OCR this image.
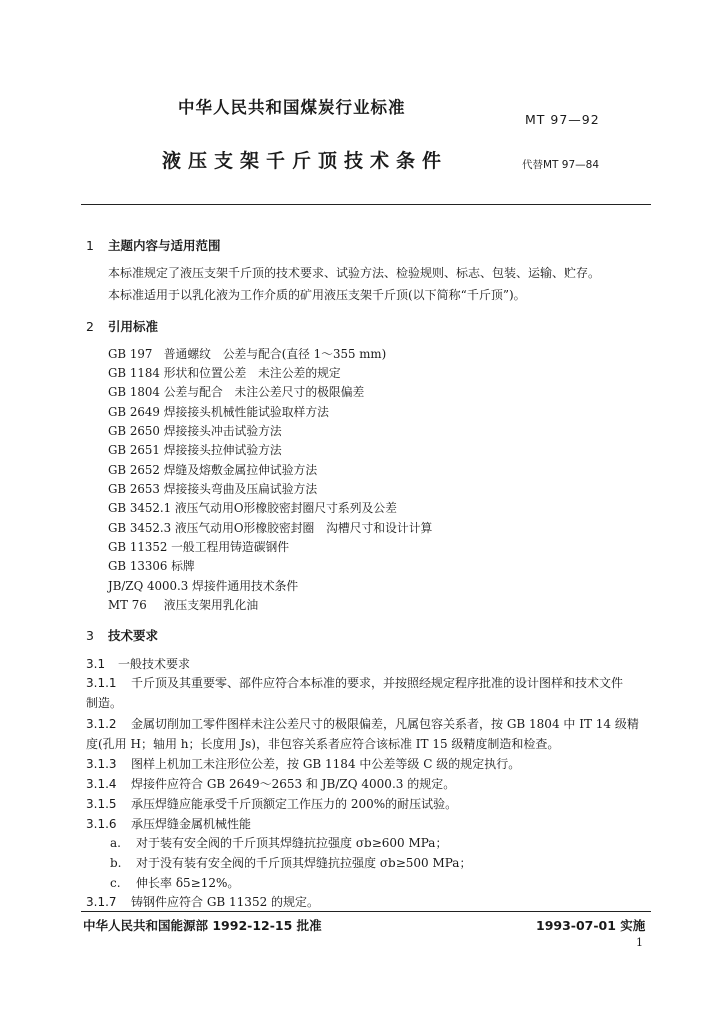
中华人民共和国煤炭行业标准
MT 97—92
液压支架千斤顶技术条件	代替MT 97—84
1 主题内容与适用范围
本标准规定了液压支架千斤顶的技术要求、试验方法、检验规则、标志、包装、运输、贮存。
本标准适用于以乳化液为工作介质的矿用液压支架千斤顶(以下简称“千斤顶”)。
2 引用标准
GB 197 普通螺纹　公差与配合(直径 1～355 mm)
GB 1184 形状和位置公差　未注公差的规定
GB 1804 公差与配合　未注公差尺寸的极限偏差
GB 2649 焊接接头机械性能试验取样方法
GB 2650 焊接接头冲击试验方法
GB 2651 焊接接头拉伸试验方法
GB 2652 焊缝及熔敷金属拉伸试验方法
GB 2653 焊接接头弯曲及压扁试验方法
GB 3452.1 液压气动用O形橡胶密封圈尺寸系列及公差
GB 3452.3 液压气动用O形橡胶密封圈　沟槽尺寸和设计计算
GB 11352 一般工程用铸造碳钢件
GB 13306 标牌
JB/ZQ 4000.3 焊接件通用技术条件
MT 76 液压支架用乳化油
3 技术要求
3.1 一般技术要求
3.1.1 千斤顶及其重要零、部件应符合本标准的要求，并按照经规定程序批准的设计图样和技术文件
制造。
3.1.2 金属切削加工零件图样未注公差尺寸的极限偏差，凡属包容关系者，按 GB 1804 中 IT 14 级精
度(孔用 H；轴用 h；长度用 Js)，非包容关系者应符合该标准 IT 15 级精度制造和检查。
3.1.3 图样上机加工未注形位公差，按 GB 1184 中公差等级 C 级的规定执行。
3.1.4 焊接件应符合 GB 2649～2653 和 JB/ZQ 4000.3 的规定。
3.1.5 承压焊缝应能承受千斤顶额定工作压力的 200%的耐压试验。
3.1.6 承压焊缝金属机械性能
a. 对于装有安全阀的千斤顶其焊缝抗拉强度 σb≥600 MPa；
b. 对于没有装有安全阀的千斤顶其焊缝抗拉强度 σb≥500 MPa；
c. 伸长率 δ5≥12%。
3.1.7 铸钢件应符合 GB 11352 的规定。
中华人民共和国能源部 1992-12-15 批准	1993-07-01 实施
1
